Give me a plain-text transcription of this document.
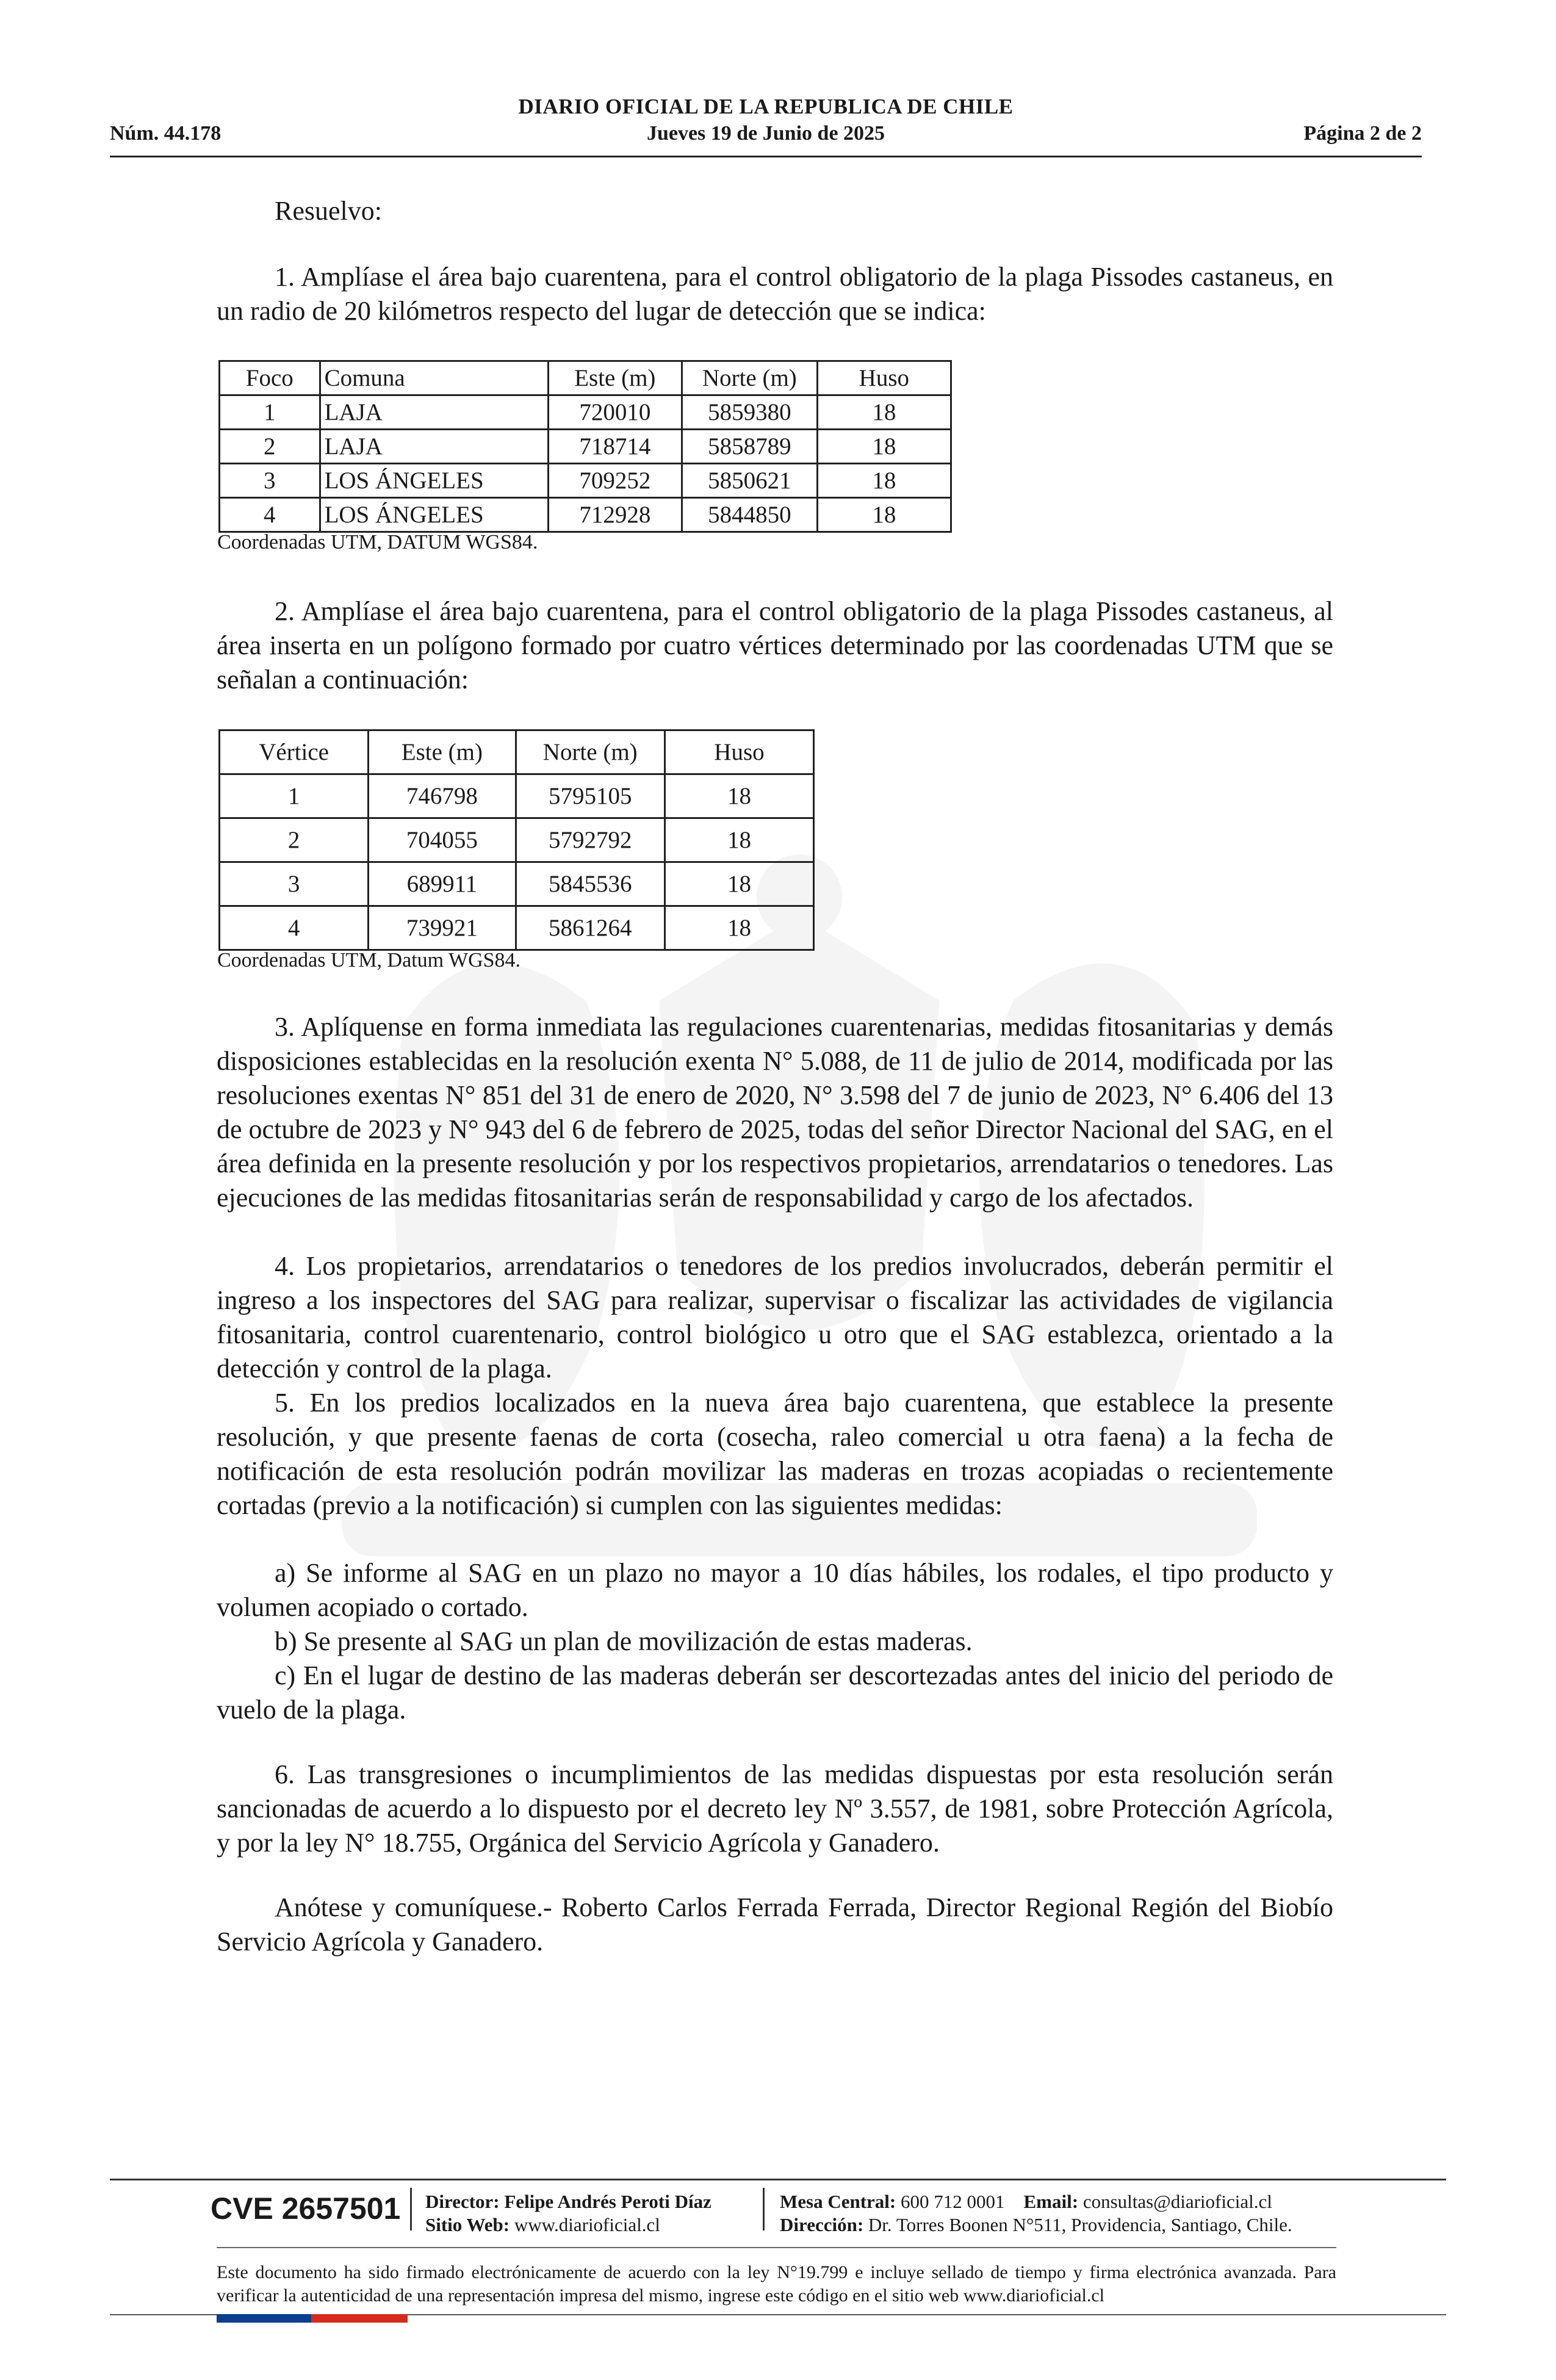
DIARIO OFICIAL DE LA REPUBLICA DE CHILE
Núm. 44.178	Jueves 19 de Junio de 2025	Página 2 de 2
Resuelvo:
1. Amplíase el área bajo cuarentena, para el control obligatorio de la plaga Pissodes castaneus, en un radio de 20 kilómetros respecto del lugar de detección que se indica:
Foco	Comuna	Este (m)	Norte (m)	Huso
1	LAJA	720010	5859380	18
2	LAJA	718714	5858789	18
3	LOS ÁNGELES	709252	5850621	18
4	LOS ÁNGELES	712928	5844850	18
Coordenadas UTM, DATUM WGS84.
2. Amplíase el área bajo cuarentena, para el control obligatorio de la plaga Pissodes castaneus, al área inserta en un polígono formado por cuatro vértices determinado por las coordenadas UTM que se señalan a continuación:
Vértice	Este (m)	Norte (m)	Huso
1	746798	5795105	18
2	704055	5792792	18
3	689911	5845536	18
4	739921	5861264	18
Coordenadas UTM, Datum WGS84.
3. Aplíquense en forma inmediata las regulaciones cuarentenarias, medidas fitosanitarias y demás disposiciones establecidas en la resolución exenta N° 5.088, de 11 de julio de 2014, modificada por las resoluciones exentas N° 851 del 31 de enero de 2020, N° 3.598 del 7 de junio de 2023, N° 6.406 del 13 de octubre de 2023 y N° 943 del 6 de febrero de 2025, todas del señor Director Nacional del SAG, en el área definida en la presente resolución y por los respectivos propietarios, arrendatarios o tenedores. Las ejecuciones de las medidas fitosanitarias serán de responsabilidad y cargo de los afectados.
4. Los propietarios, arrendatarios o tenedores de los predios involucrados, deberán permitir el ingreso a los inspectores del SAG para realizar, supervisar o fiscalizar las actividades de vigilancia fitosanitaria, control cuarentenario, control biológico u otro que el SAG establezca, orientado a la detección y control de la plaga.
5. En los predios localizados en la nueva área bajo cuarentena, que establece la presente resolución, y que presente faenas de corta (cosecha, raleo comercial u otra faena) a la fecha de notificación de esta resolución podrán movilizar las maderas en trozas acopiadas o recientemente cortadas (previo a la notificación) si cumplen con las siguientes medidas:
a) Se informe al SAG en un plazo no mayor a 10 días hábiles, los rodales, el tipo producto y volumen acopiado o cortado.
b) Se presente al SAG un plan de movilización de estas maderas.
c) En el lugar de destino de las maderas deberán ser descortezadas antes del inicio del periodo de vuelo de la plaga.
6. Las transgresiones o incumplimientos de las medidas dispuestas por esta resolución serán sancionadas de acuerdo a lo dispuesto por el decreto ley Nº 3.557, de 1981, sobre Protección Agrícola, y por la ley N° 18.755, Orgánica del Servicio Agrícola y Ganadero.
Anótese y comuníquese.- Roberto Carlos Ferrada Ferrada, Director Regional Región del Biobío Servicio Agrícola y Ganadero.
CVE 2657501 Director: Felipe Andrés Peroti Díaz
Sitio Web: www.diarioficial.cl
Mesa Central: 600 712 0001 Email: consultas@diarioficial.cl
Dirección: Dr. Torres Boonen N°511, Providencia, Santiago, Chile.
Este documento ha sido firmado electrónicamente de acuerdo con la ley N°19.799 e incluye sellado de tiempo y firma electrónica avanzada. Para verificar la autenticidad de una representación impresa del mismo, ingrese este código en el sitio web www.diarioficial.cl
